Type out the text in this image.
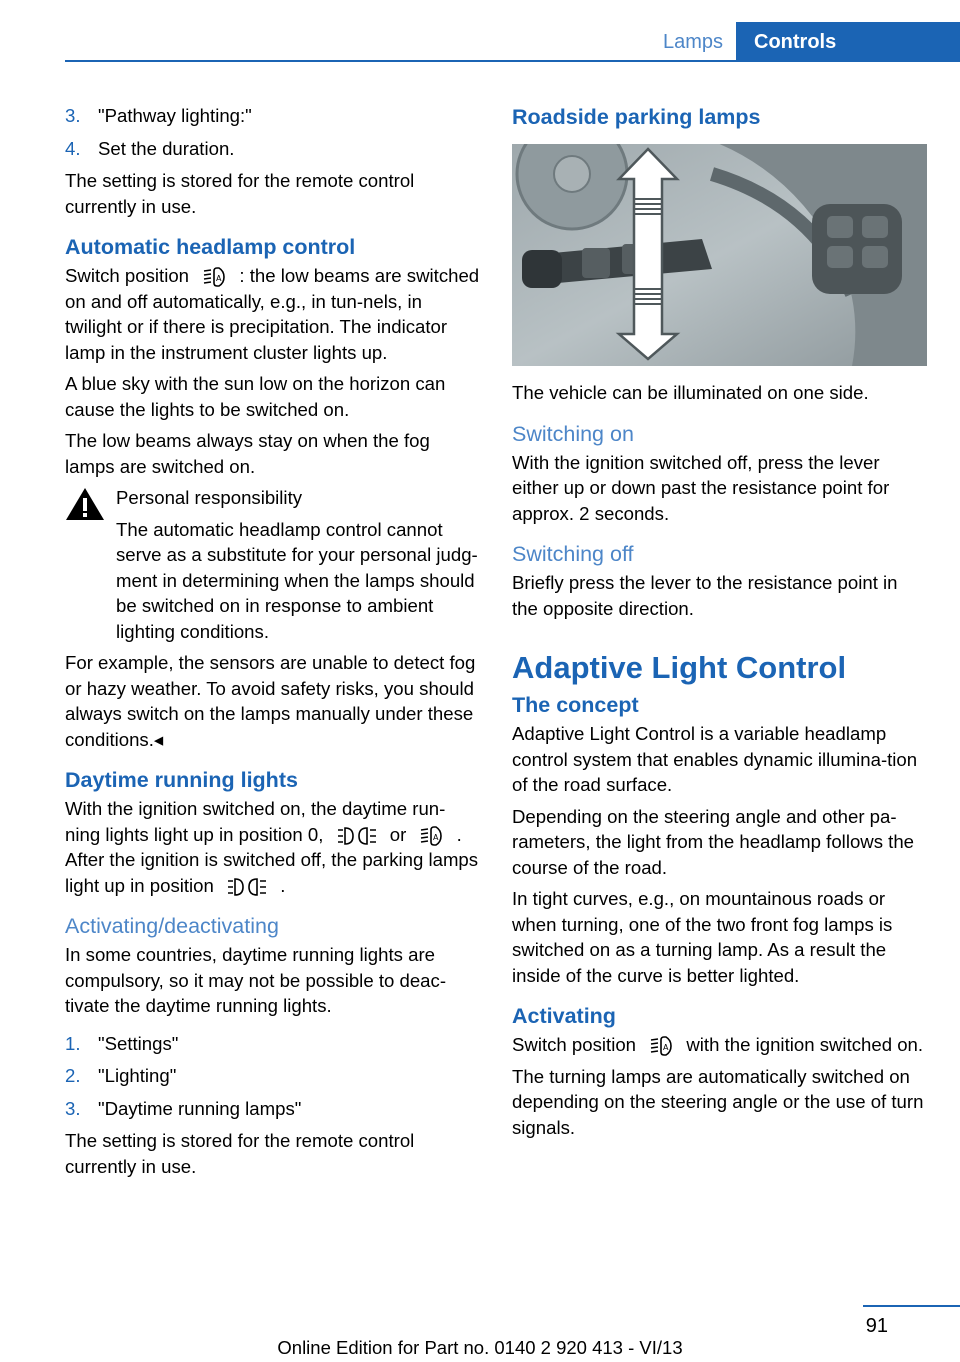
Lamps	Controls
3. "Pathway lighting:"
4. Set the duration.

The setting is stored for the remote control currently in use.

Automatic headlamp control

Switch position	A : the low beams are switched on and off automatically, e.g., in tun‐nels, in twilight or if there is precipitation. The indicator lamp in the instrument cluster lights up.

A blue sky with the sun low on the horizon can cause the lights to be switched on.

The low beams always stay on when the fog lamps are switched on.

Personal responsibility

The automatic headlamp control cannot serve as a substitute for your personal judg‐ment in determining when the lamps should be switched on in response to ambient lighting conditions.

For example, the sensors are unable to detect fog or hazy weather. To avoid safety risks, you should always switch on the lamps manually under these conditions.◂

Daytime running lights

With the ignition switched on, the daytime run‐ning lights light up in position 0,	or	A .
After the ignition is switched off, the parking lamps light up in position	.

Activating/deactivating

In some countries, daytime running lights are compulsory, so it may not be possible to deac‐tivate the daytime running lights.

1. "Settings"
2. "Lighting"
3. "Daytime running lamps"

The setting is stored for the remote control currently in use.

Roadside parking lamps

The vehicle can be illuminated on one side.

Switching on

With the ignition switched off, press the lever either up or down past the resistance point for approx. 2 seconds.

Switching off

Briefly press the lever to the resistance point in the opposite direction.

Adaptive Light Control
The concept

Adaptive Light Control is a variable headlamp control system that enables dynamic illumina‐tion of the road surface.

Depending on the steering angle and other pa‐rameters, the light from the headlamp follows the course of the road.

In tight curves, e.g., on mountainous roads or when turning, one of the two front fog lamps is switched on as a turning lamp. As a result the inside of the curve is better lighted.

Activating

Switch position	A with the ignition switched on.

The turning lamps are automatically switched on depending on the steering angle or the use of turn signals.

91
Online Edition for Part no. 0140 2 920 413 - VI/13
